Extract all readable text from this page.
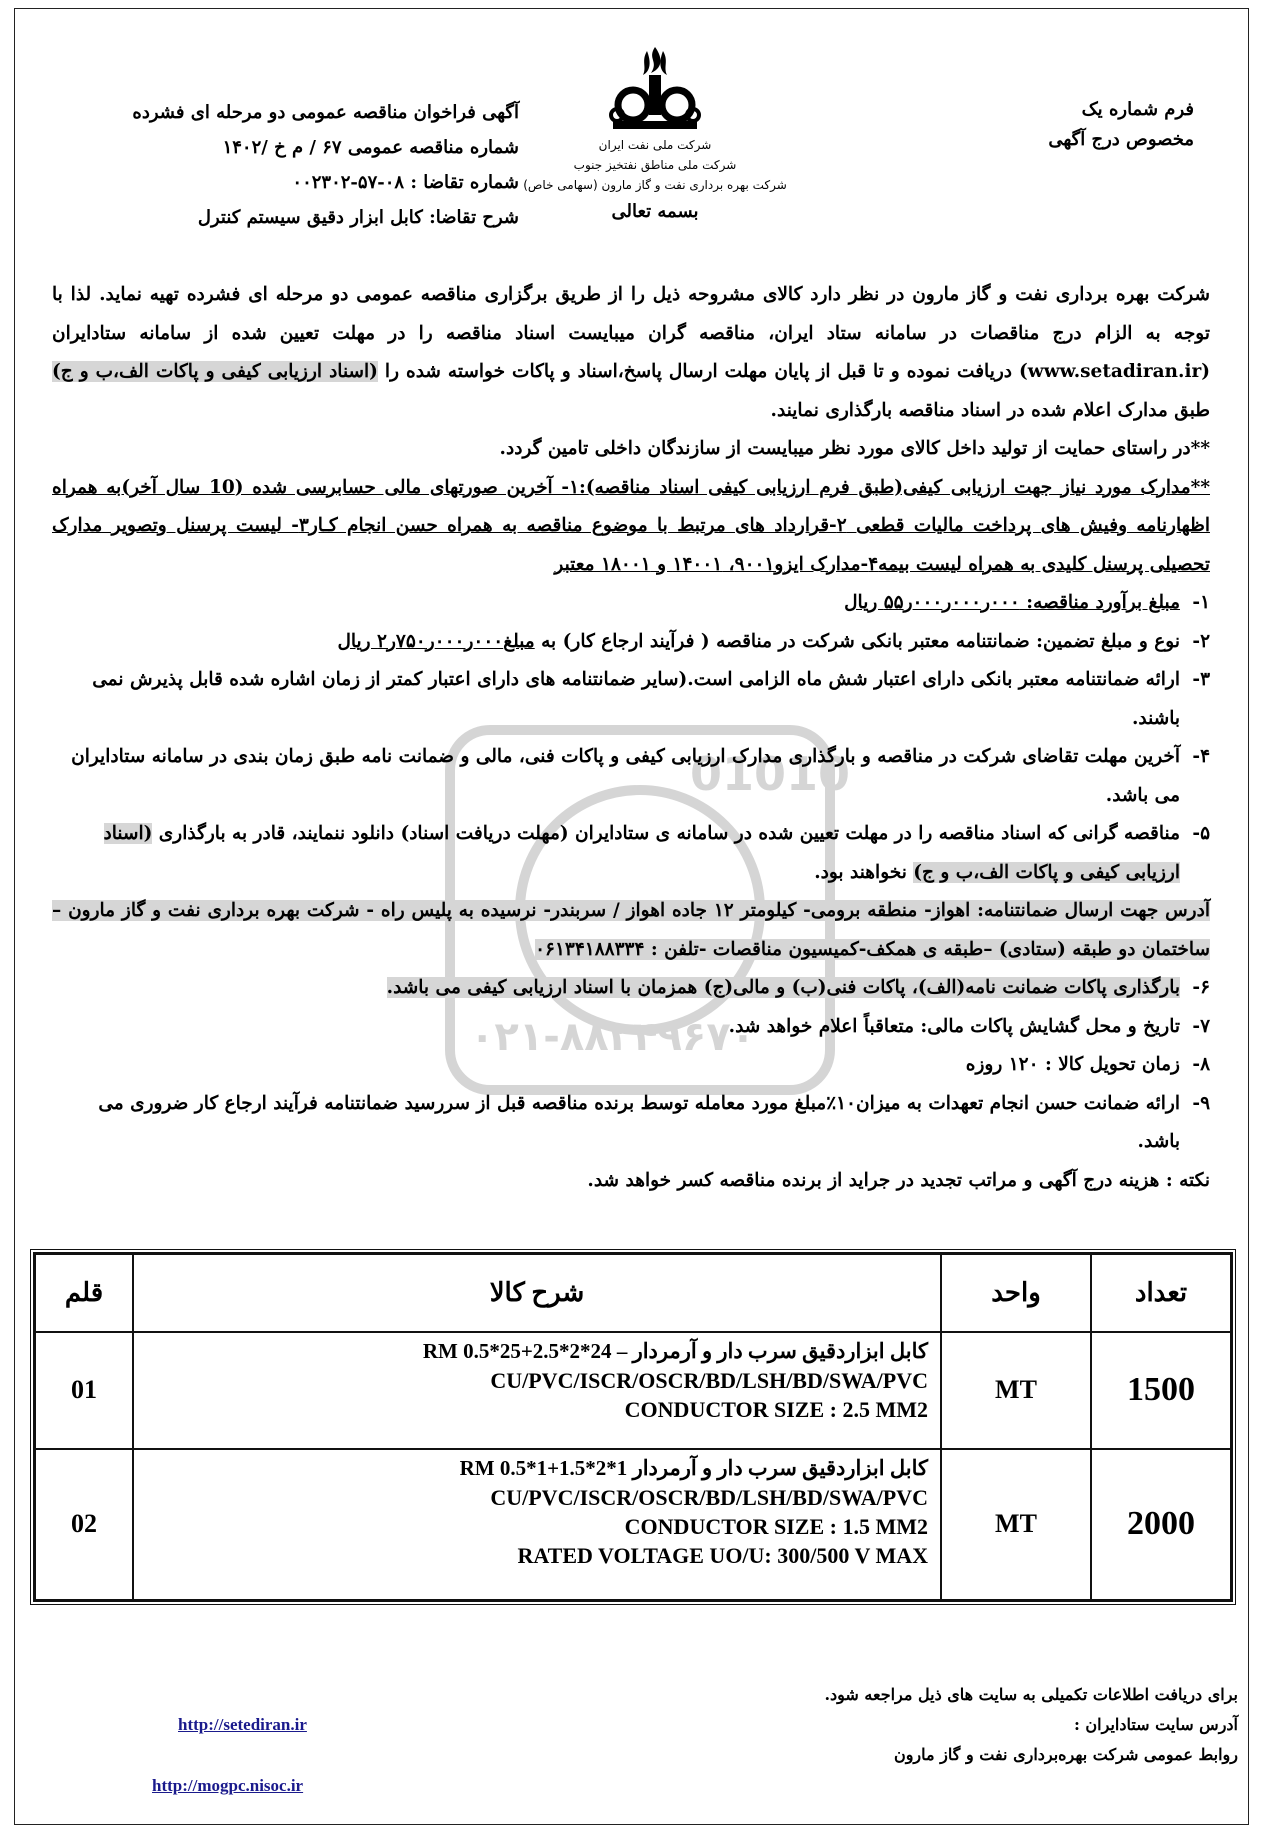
فرم شماره یک
مخصوص درج آگهی
شرکت ملی نفت ایران
شرکت ملی مناطق نفتخیز جنوب
شرکت بهره برداری نفت و گاز مارون (سهامی خاص)
بسمه تعالی
آگهی فراخوان مناقصه عمومی دو مرحله ای فشرده
شماره مناقصه عمومی ۶۷ / م خ /۱۴۰۲
شماره تقاضا : ۰۸-۵۷-۰۰۲۳۰۲
شرح تقاضا: کابل ابزار دقیق سیستم کنترل
01010
۰۲۱-۸۸۳۴۹۶۷۰

شرکت بهره برداری نفت و گاز مارون در نظر دارد کالای مشروحه ذیل را از طریق برگزاری مناقصه عمومی دو مرحله ای فشرده تهیه نماید. لذا با توجه به الزام درج مناقصات در سامانه ستاد ایران، مناقصه گران میبایست اسناد مناقصه را در مهلت تعیین شده از سامانه ستادایران (www.setadiran.ir) دریافت نموده و تا قبل از پایان مهلت ارسال پاسخ،اسناد و پاکات خواسته شده را (اسناد ارزیابی کیفی و پاکات الف،ب و ج) طبق مدارک اعلام شده در اسناد مناقصه بارگذاری نمایند.

**در راستای حمایت از تولید داخل کالای مورد نظر میبایست از سازندگان داخلی تامین گردد.

**مدارک مورد نیاز جهت ارزیابی کیفی(طبق فرم ارزیابی کیفی اسناد مناقصه):۱- آخرین صورتهای مالی حسابرسی شده (10 سال آخر)به همراه اظهارنامه وفیش های پرداخت مالیات قطعی ۲-قرارداد های مرتبط با موضوع مناقصه به همراه حسن انجام کـار۳- لیست پرسنل وتصویر مدارک تحصیلی پرسنل کلیدی به همراه لیست بیمه۴-مدارک ایزو۹۰۰۱، ۱۴۰۰۱ و ۱۸۰۰۱ معتبر

۱-
مبلغ برآورد مناقصه: ۰۰۰ر۰۰۰ر۰۰۰ر۵۵ ریال
۲-
نوع و مبلغ تضمین: ضمانتنامه معتبر بانکی شرکت در مناقصه ( فرآیند ارجاع کار) به مبلغ۰۰۰ر۰۰۰ر۷۵۰ر۲ ریال
۳-
ارائه ضمانتنامه معتبر بانکی دارای اعتبار شش ماه الزامی است.(سایر ضمانتنامه های دارای اعتبار کمتر از زمان اشاره شده قابل پذیرش نمی باشند.
۴-
آخرین مهلت تقاضای شرکت در مناقصه و بارگذاری مدارک ارزیابی کیفی و پاکات فنی، مالی و ضمانت نامه طبق زمان بندی در سامانه ستادایران می باشد.
۵-
مناقصه گرانی که اسناد مناقصه را در مهلت تعیین شده در سامانه ی ستادایران (مهلت دریافت اسناد) دانلود ننمایند، قادر به بارگذاری (اسناد ارزیابی کیفی و پاکات الف،ب و ج) نخواهند بود.

آدرس جهت ارسال ضمانتنامه: اهواز- منطقه برومی- کیلومتر ۱۲ جاده اهواز / سربندر- نرسیده به پلیس راه - شرکت بهره برداری نفت و گاز مارون – ساختمان دو طبقه (ستادی) –طبقه ی همکف-کمیسیون مناقصات -تلفن : ۰۶۱۳۴۱۸۸۳۳۴

۶-
بارگذاری پاکات ضمانت نامه(الف)، پاکات فنی(ب) و مالی(ج) همزمان با اسناد ارزیابی کیفی می باشد.
۷-
تاریخ و محل گشایش پاکات مالی: متعاقباً اعلام خواهد شد.
۸-
زمان تحویل کالا : ۱۲۰ روزه
۹-
ارائه ضمانت حسن انجام تعهدات به میزان۱۰٪مبلغ مورد معامله توسط برنده مناقصه قبل از سررسید ضمانتنامه فرآیند ارجاع کار ضروری می باشد.

نکته : هزینه درج آگهی و مراتب تجدید در جراید از برنده مناقصه کسر خواهد شد.

تعداد	واحد	شرح کالا	قلم
1500	MT	کابل ابزاردقیق سرب دار و آرمردار – RM 0.5*25+2.5*2*24
CU/PVC/ISCR/OSCR/BD/LSH/BD/SWA/PVC
CONDUCTOR SIZE : 2.5 MM2	01
2000	MT	کابل ابزاردقیق سرب دار و آرمردار RM 0.5*1+1.5*2*1
CU/PVC/ISCR/OSCR/BD/LSH/BD/SWA/PVC
CONDUCTOR SIZE : 1.5 MM2
RATED VOLTAGE UO/U: 300/500 V MAX	02
برای دریافت اطلاعات تکمیلی به سایت های ذیل مراجعه شود.
آدرس سایت ستادایران :
روابط عمومی شرکت بهره‌برداری نفت و گاز مارون
http://setediran.ir
http://mogpc.nisoc.ir
